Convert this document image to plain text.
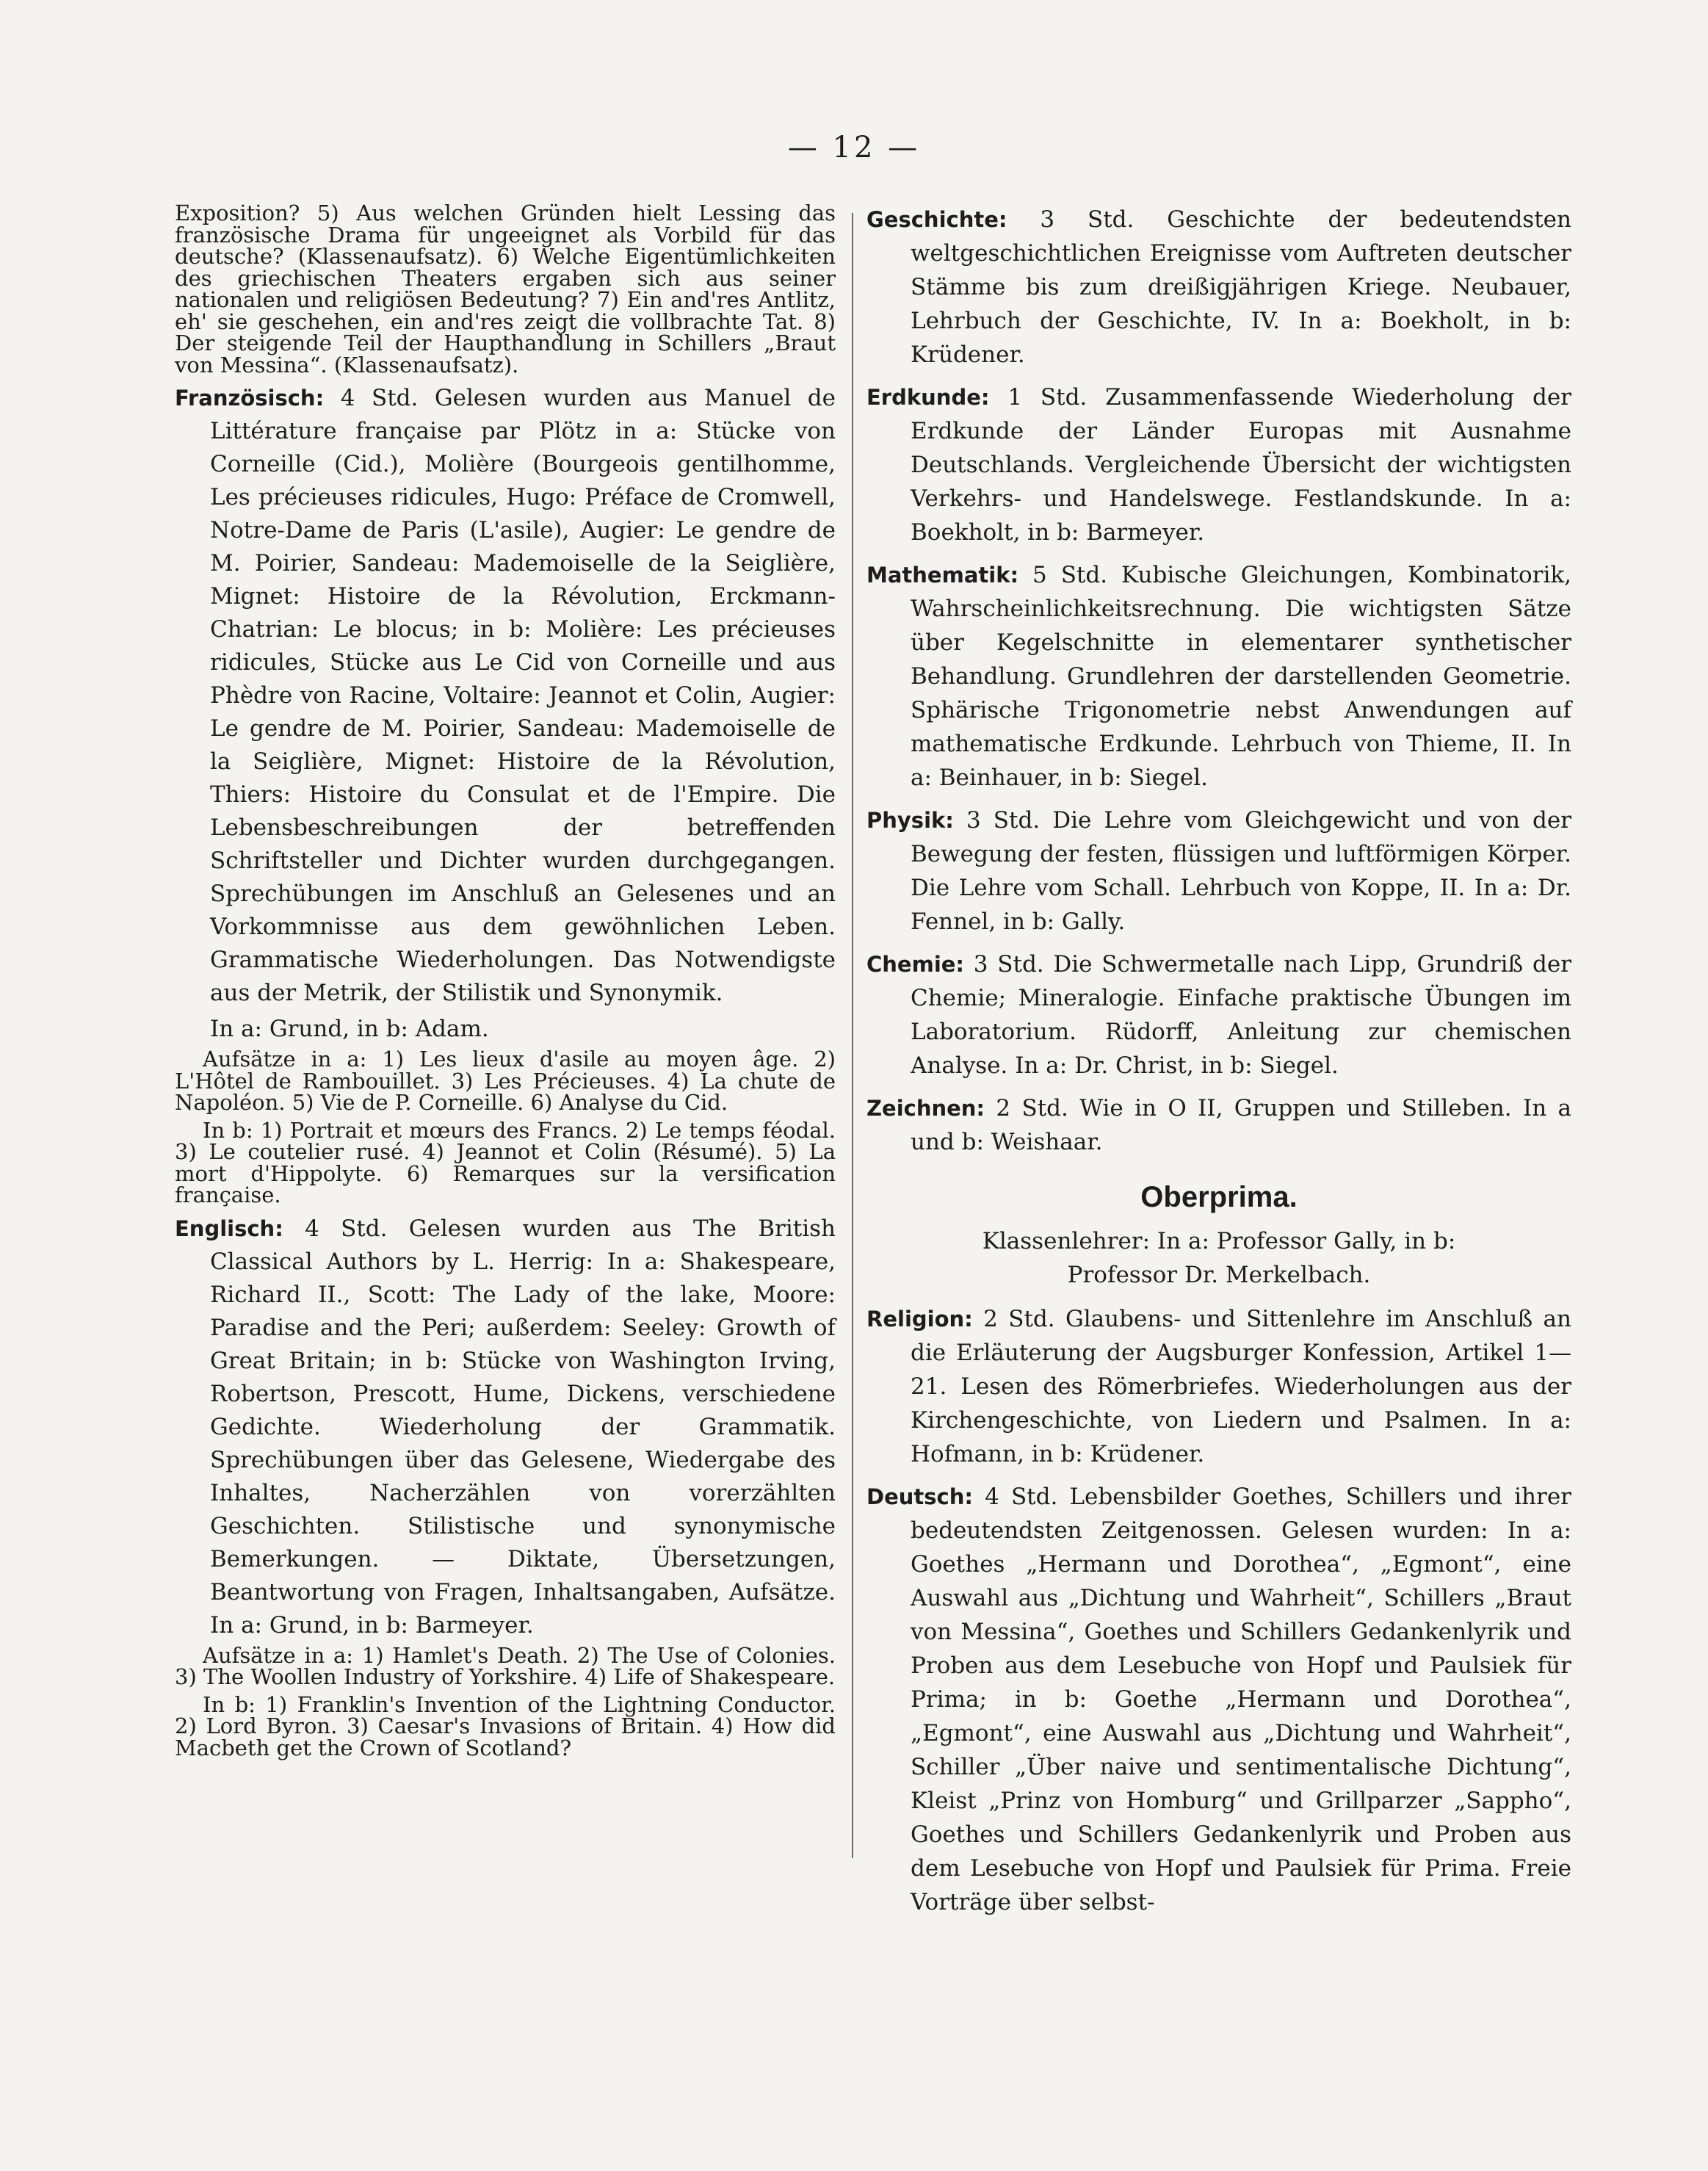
— 12 —

Exposition? 5) Aus welchen Gründen hielt Lessing das französische Drama für ungeeignet als Vorbild für das deutsche? (Klassenaufsatz). 6) Welche Eigentümlichkeiten des griechischen Theaters ergaben sich aus seiner nationalen und religiösen Bedeutung? 7) Ein and'res Antlitz, eh' sie geschehen, ein and'res zeigt die vollbrachte Tat. 8) Der steigende Teil der Haupthandlung in Schillers „Braut von Messina“. (Klassenaufsatz).

Französisch: 4 Std. Gelesen wurden aus Manuel de Littérature française par Plötz in a: Stücke von Corneille (Cid.), Molière (Bourgeois gentilhomme, Les précieuses ridicules, Hugo: Préface de Cromwell, Notre-Dame de Paris (L'asile), Augier: Le gendre de M. Poirier, Sandeau: Mademoiselle de la Seiglière, Mignet: Histoire de la Révolution, Erckmann-Chatrian: Le blocus; in b: Molière: Les précieuses ridicules, Stücke aus Le Cid von Corneille und aus Phèdre von Racine, Voltaire: Jeannot et Colin, Augier: Le gendre de M. Poirier, Sandeau: Mademoiselle de la Seiglière, Mignet: Histoire de la Révolution, Thiers: Histoire du Consulat et de l'Empire. Die Lebensbeschreibungen der betreffenden Schriftsteller und Dichter wurden durchgegangen. Sprechübungen im Anschluß an Gelesenes und an Vorkommnisse aus dem gewöhnlichen Leben. Grammatische Wiederholungen. Das Notwendigste aus der Metrik, der Stilistik und Synonymik.

In a: Grund, in b: Adam.

Aufsätze in a: 1) Les lieux d'asile au moyen âge. 2) L'Hôtel de Rambouillet. 3) Les Précieuses. 4) La chute de Napoléon. 5) Vie de P. Corneille. 6) Analyse du Cid.

In b: 1) Portrait et mœurs des Francs. 2) Le temps féodal. 3) Le coutelier rusé. 4) Jeannot et Colin (Résumé). 5) La mort d'Hippolyte. 6) Remarques sur la versification française.

Englisch: 4 Std. Gelesen wurden aus The British Classical Authors by L. Herrig: In a: Shakespeare, Richard II., Scott: The Lady of the lake, Moore: Paradise and the Peri; außerdem: Seeley: Growth of Great Britain; in b: Stücke von Washington Irving, Robertson, Prescott, Hume, Dickens, verschiedene Gedichte. Wiederholung der Grammatik. Sprechübungen über das Gelesene, Wiedergabe des Inhaltes, Nacherzählen von vorerzählten Geschichten. Stilistische und synonymische Bemerkungen. — Diktate, Übersetzungen, Beantwortung von Fragen, Inhaltsangaben, Aufsätze. In a: Grund, in b: Barmeyer.

Aufsätze in a: 1) Hamlet's Death. 2) The Use of Colonies. 3) The Woollen Industry of Yorkshire. 4) Life of Shakespeare.

In b: 1) Franklin's Invention of the Lightning Conductor. 2) Lord Byron. 3) Caesar's Invasions of Britain. 4) How did Macbeth get the Crown of Scotland?

Geschichte: 3 Std. Geschichte der bedeutendsten weltgeschichtlichen Ereignisse vom Auftreten deutscher Stämme bis zum dreißigjährigen Kriege. Neubauer, Lehrbuch der Geschichte, IV. In a: Boekholt, in b: Krüdener.

Erdkunde: 1 Std. Zusammenfassende Wiederholung der Erdkunde der Länder Europas mit Ausnahme Deutschlands. Vergleichende Übersicht der wichtigsten Verkehrs- und Handelswege. Festlandskunde. In a: Boekholt, in b: Barmeyer.

Mathematik: 5 Std. Kubische Gleichungen, Kombinatorik, Wahrscheinlichkeitsrechnung. Die wichtigsten Sätze über Kegelschnitte in elementarer synthetischer Behandlung. Grundlehren der darstellenden Geometrie. Sphärische Trigonometrie nebst Anwendungen auf mathematische Erdkunde. Lehrbuch von Thieme, II. In a: Beinhauer, in b: Siegel.

Physik: 3 Std. Die Lehre vom Gleichgewicht und von der Bewegung der festen, flüssigen und luftförmigen Körper. Die Lehre vom Schall. Lehrbuch von Koppe, II. In a: Dr. Fennel, in b: Gally.

Chemie: 3 Std. Die Schwermetalle nach Lipp, Grundriß der Chemie; Mineralogie. Einfache praktische Übungen im Laboratorium. Rüdorff, Anleitung zur chemischen Analyse. In a: Dr. Christ, in b: Siegel.

Zeichnen: 2 Std. Wie in O II, Gruppen und Stilleben. In a und b: Weishaar.

Oberprima.
Klassenlehrer: In a: Professor Gally, in b:
Professor Dr. Merkelbach.

Religion: 2 Std. Glaubens- und Sittenlehre im Anschluß an die Erläuterung der Augsburger Konfession, Artikel 1—21. Lesen des Römerbriefes. Wiederholungen aus der Kirchengeschichte, von Liedern und Psalmen. In a: Hofmann, in b: Krüdener.

Deutsch: 4 Std. Lebensbilder Goethes, Schillers und ihrer bedeutendsten Zeitgenossen. Gelesen wurden: In a: Goethes „Hermann und Dorothea“, „Egmont“, eine Auswahl aus „Dichtung und Wahrheit“, Schillers „Braut von Messina“, Goethes und Schillers Gedankenlyrik und Proben aus dem Lesebuche von Hopf und Paulsiek für Prima; in b: Goethe „Hermann und Dorothea“, „Egmont“, eine Auswahl aus „Dichtung und Wahrheit“, Schiller „Über naive und sentimentalische Dichtung“, Kleist „Prinz von Homburg“ und Grillparzer „Sappho“, Goethes und Schillers Gedankenlyrik und Proben aus dem Lesebuche von Hopf und Paulsiek für Prima. Freie Vorträge über selbst-
